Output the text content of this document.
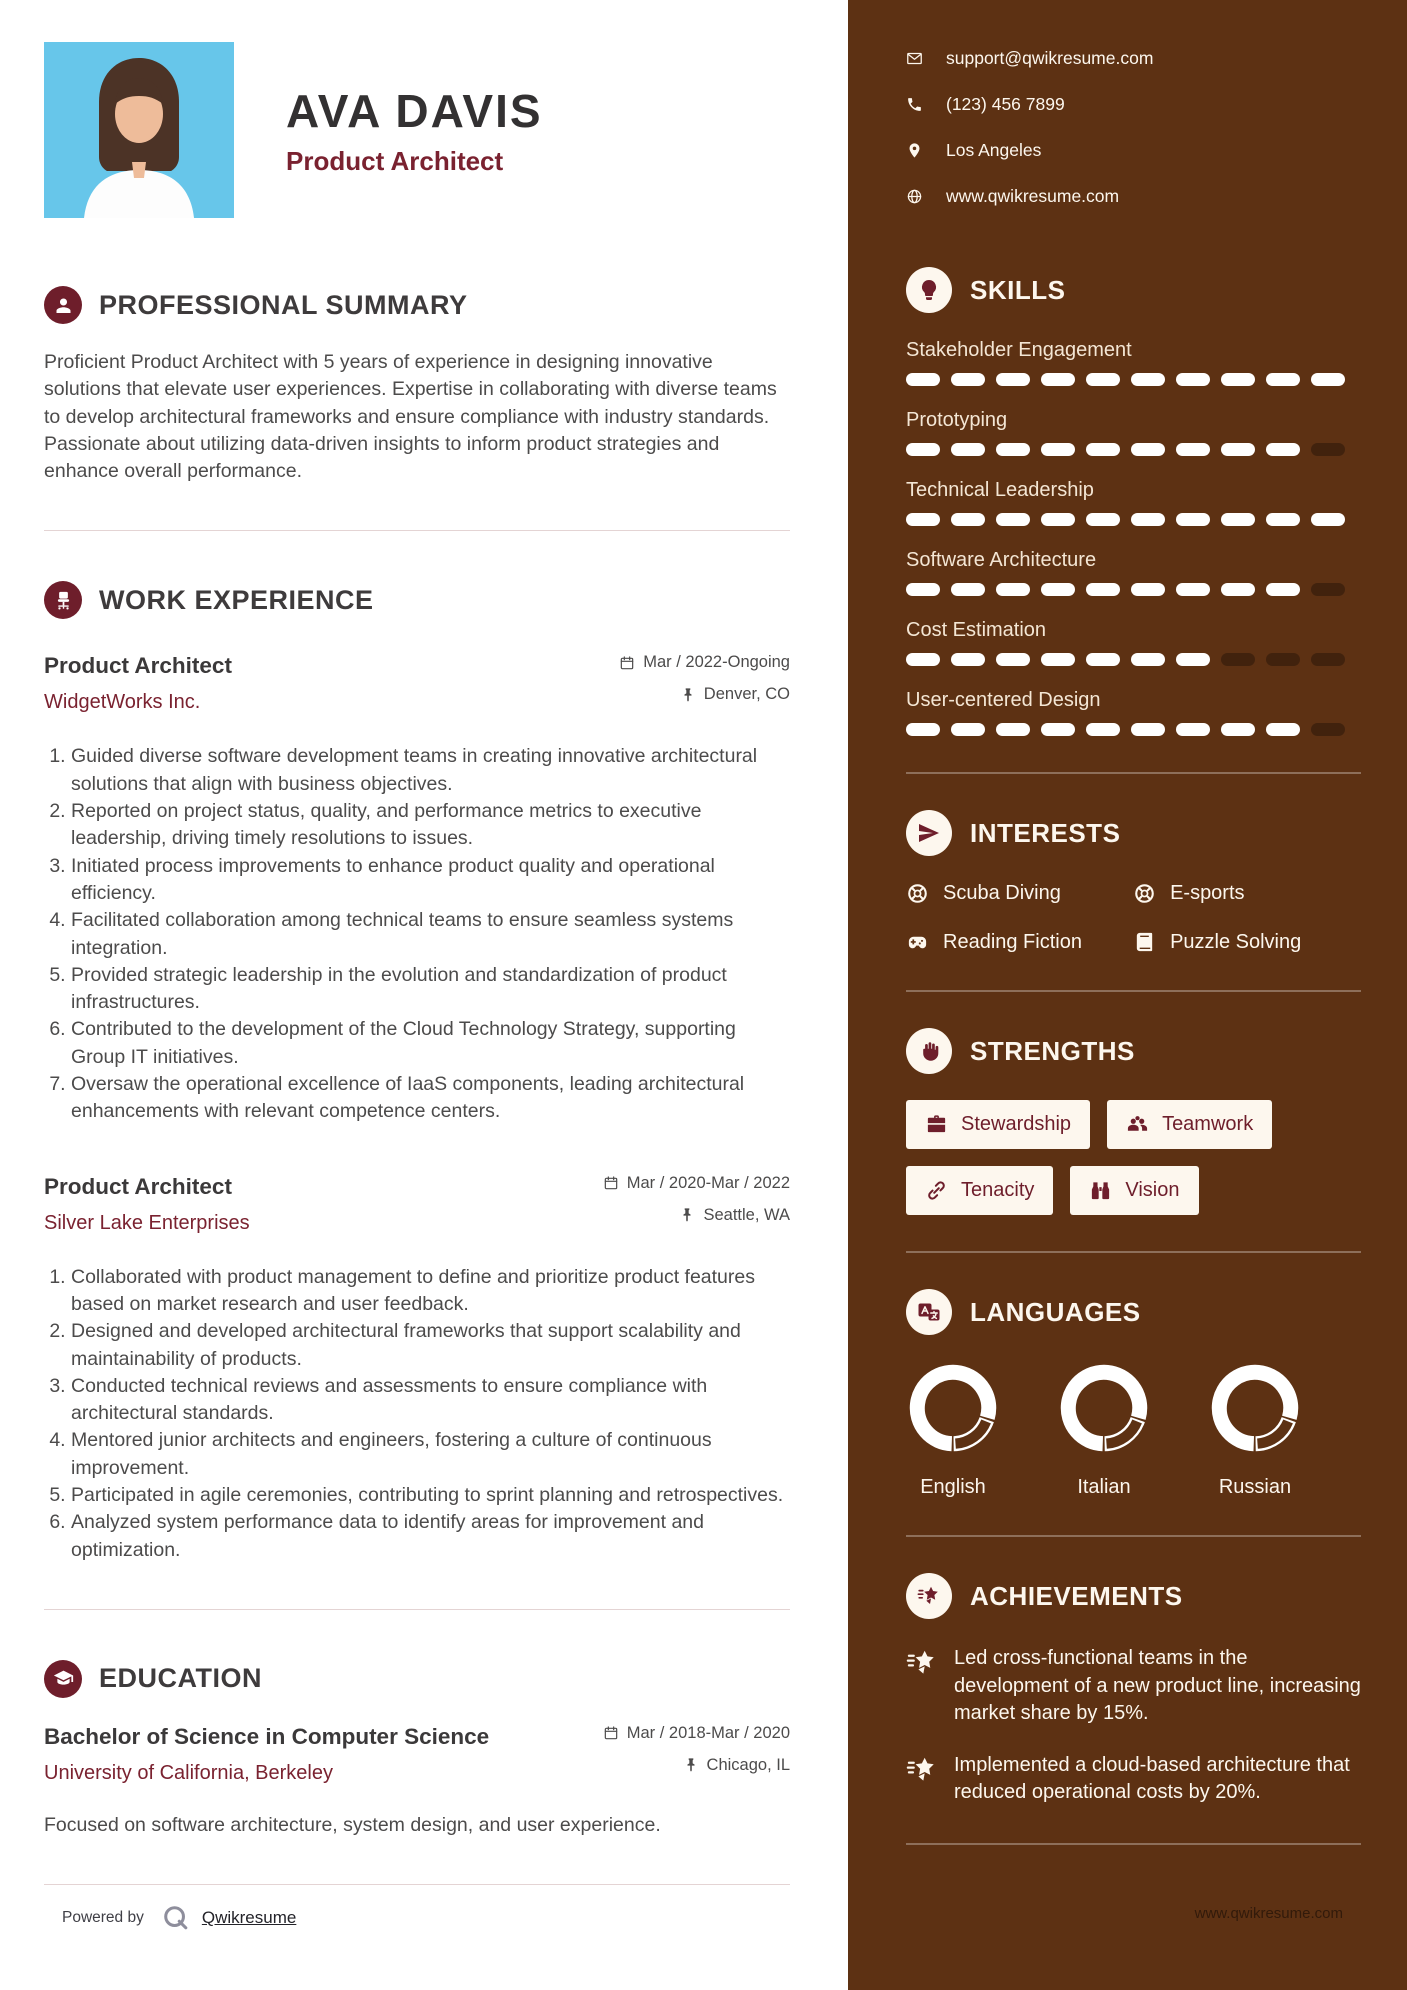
AVA DAVIS
Product Architect
PROFESSIONAL SUMMARY

Proficient Product Architect with 5 years of experience in designing innovative solutions that elevate user experiences. Expertise in collaborating with diverse teams to develop architectural frameworks and ensure compliance with industry standards. Passionate about utilizing data-driven insights to inform product strategies and enhance overall performance.

WORK EXPERIENCE
Product Architect
WidgetWorks Inc.
Mar / 2022-Ongoing
Denver, CO
1. Guided diverse software development teams in creating innovative architectural solutions that align with business objectives.
2. Reported on project status, quality, and performance metrics to executive leadership, driving timely resolutions to issues.
3. Initiated process improvements to enhance product quality and operational efficiency.
4. Facilitated collaboration among technical teams to ensure seamless systems integration.
5. Provided strategic leadership in the evolution and standardization of product infrastructures.
6. Contributed to the development of the Cloud Technology Strategy, supporting Group IT initiatives.
7. Oversaw the operational excellence of IaaS components, leading architectural enhancements with relevant competence centers.
Product Architect
Silver Lake Enterprises
Mar / 2020-Mar / 2022
Seattle, WA
1. Collaborated with product management to define and prioritize product features based on market research and user feedback.
2. Designed and developed architectural frameworks that support scalability and maintainability of products.
3. Conducted technical reviews and assessments to ensure compliance with architectural standards.
4. Mentored junior architects and engineers, fostering a culture of continuous improvement.
5. Participated in agile ceremonies, contributing to sprint planning and retrospectives.
6. Analyzed system performance data to identify areas for improvement and optimization.
EDUCATION
Bachelor of Science in Computer Science
University of California, Berkeley
Mar / 2018-Mar / 2020
Chicago, IL

Focused on software architecture, system design, and user experience.

Powered by	Qwikresume
support@qwikresume.com
(123) 456 7899
Los Angeles
www.qwikresume.com
SKILLS
Stakeholder Engagement
Prototyping
Technical Leadership
Software Architecture
Cost Estimation
User-centered Design
INTERESTS
Scuba Diving	E-sports
Reading Fiction	Puzzle Solving
STRENGTHS
Stewardship	Teamwork
Tenacity	Vision
LANGUAGES
English	Italian	Russian
ACHIEVEMENTS
Led cross-functional teams in the development of a new product line, increasing market share by 15%.
Implemented a cloud-based architecture that reduced operational costs by 20%.
www.qwikresume.com
